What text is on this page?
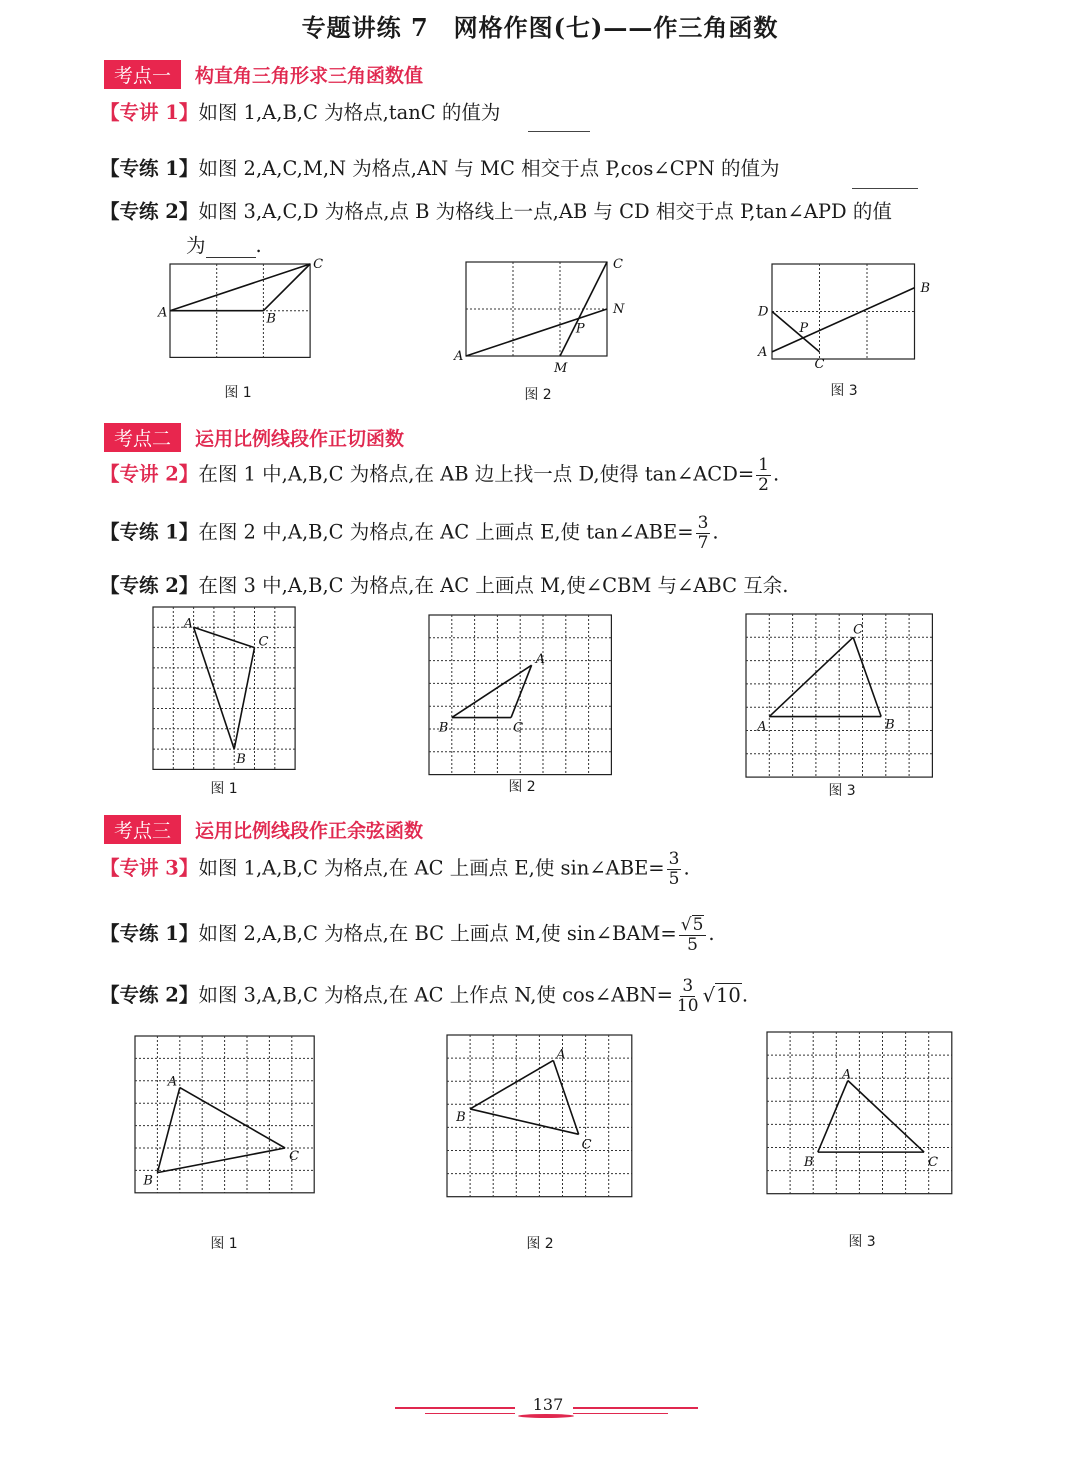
专题讲练 7　网格作图(七)——作三角函数
考点一 构直角三角形求三角函数值
【专讲 1】如图 1,A,B,C 为格点,tanC 的值为
【专练 1】如图 2,A,C,M,N 为格点,AN 与 MC 相交于点 P,cos∠CPN 的值为
【专练 2】如图 3,A,C,D 为格点,点 B 为格线上一点,AB 与 CD 相交于点 P,tan∠APD 的值
为	.
A	B
C
A
C
M
N
P
A
D
C
B
P
A
C
B
A
B	C
C
A	B
A
C
B
A
B
C
A
B	C
图 1	图 2	图 3
考点二 运用比例线段作正切函数
【专讲 2】在图 1 中,A,B,C 为格点,在 AB 边上找一点 D,使得 tan∠ACD= $\frac{1}{2}$ .
【专练 1】在图 2 中,A,B,C 为格点,在 AC 上画点 E,使 tan∠ABE= $\frac{3}{7}$ .
【专练 2】在图 3 中,A,B,C 为格点,在 AC 上画点 M,使∠CBM 与∠ABC 互余.
图 1	图 2	图 3
考点三 运用比例线段作正余弦函数
【专讲 3】如图 1,A,B,C 为格点,在 AC 上画点 E,使 sin∠ABE= $\frac{3}{5}$ .
【专练 1】如图 2,A,B,C 为格点,在 BC 上画点 M,使 sin∠BAM= $\frac{√ 5}{5}$ .
【专练 2】如图 3,A,B,C 为格点,在 AC 上作点 N,使 cos∠ABN= $\frac{3}{10}$ √ 10 .
图 1	图 2	图 3
137
